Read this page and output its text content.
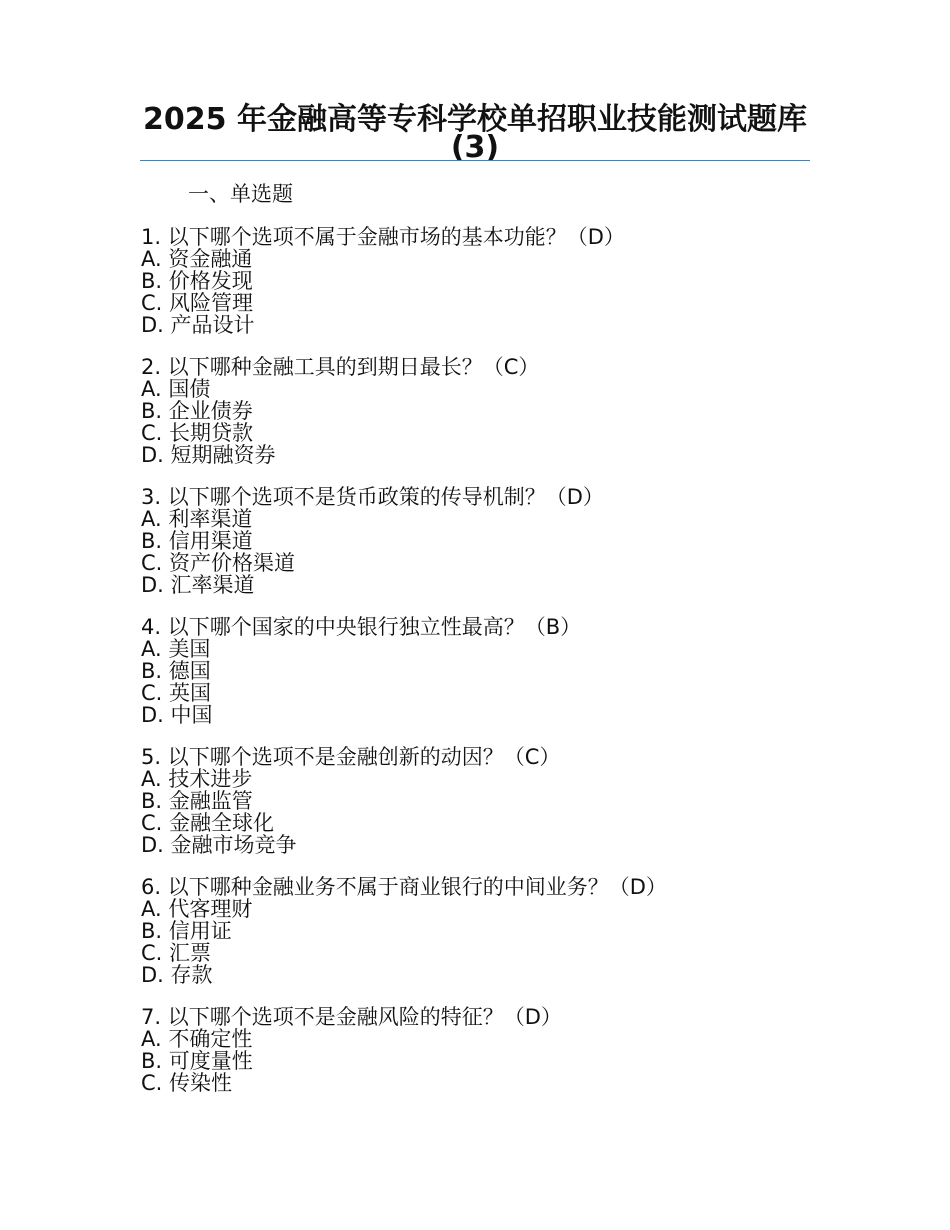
2025 年金融高等专科学校单招职业技能测试题库(3)
一、单选题
1. 以下哪个选项不属于金融市场的基本功能？（D）
A. 资金融通
B. 价格发现
C. 风险管理
D. 产品设计
2. 以下哪种金融工具的到期日最长？（C）
A. 国债
B. 企业债券
C. 长期贷款
D. 短期融资券
3. 以下哪个选项不是货币政策的传导机制？（D）
A. 利率渠道
B. 信用渠道
C. 资产价格渠道
D. 汇率渠道
4. 以下哪个国家的中央银行独立性最高？（B）
A. 美国
B. 德国
C. 英国
D. 中国
5. 以下哪个选项不是金融创新的动因？（C）
A. 技术进步
B. 金融监管
C. 金融全球化
D. 金融市场竞争
6. 以下哪种金融业务不属于商业银行的中间业务？（D）
A. 代客理财
B. 信用证
C. 汇票
D. 存款
7. 以下哪个选项不是金融风险的特征？（D）
A. 不确定性
B. 可度量性
C. 传染性
